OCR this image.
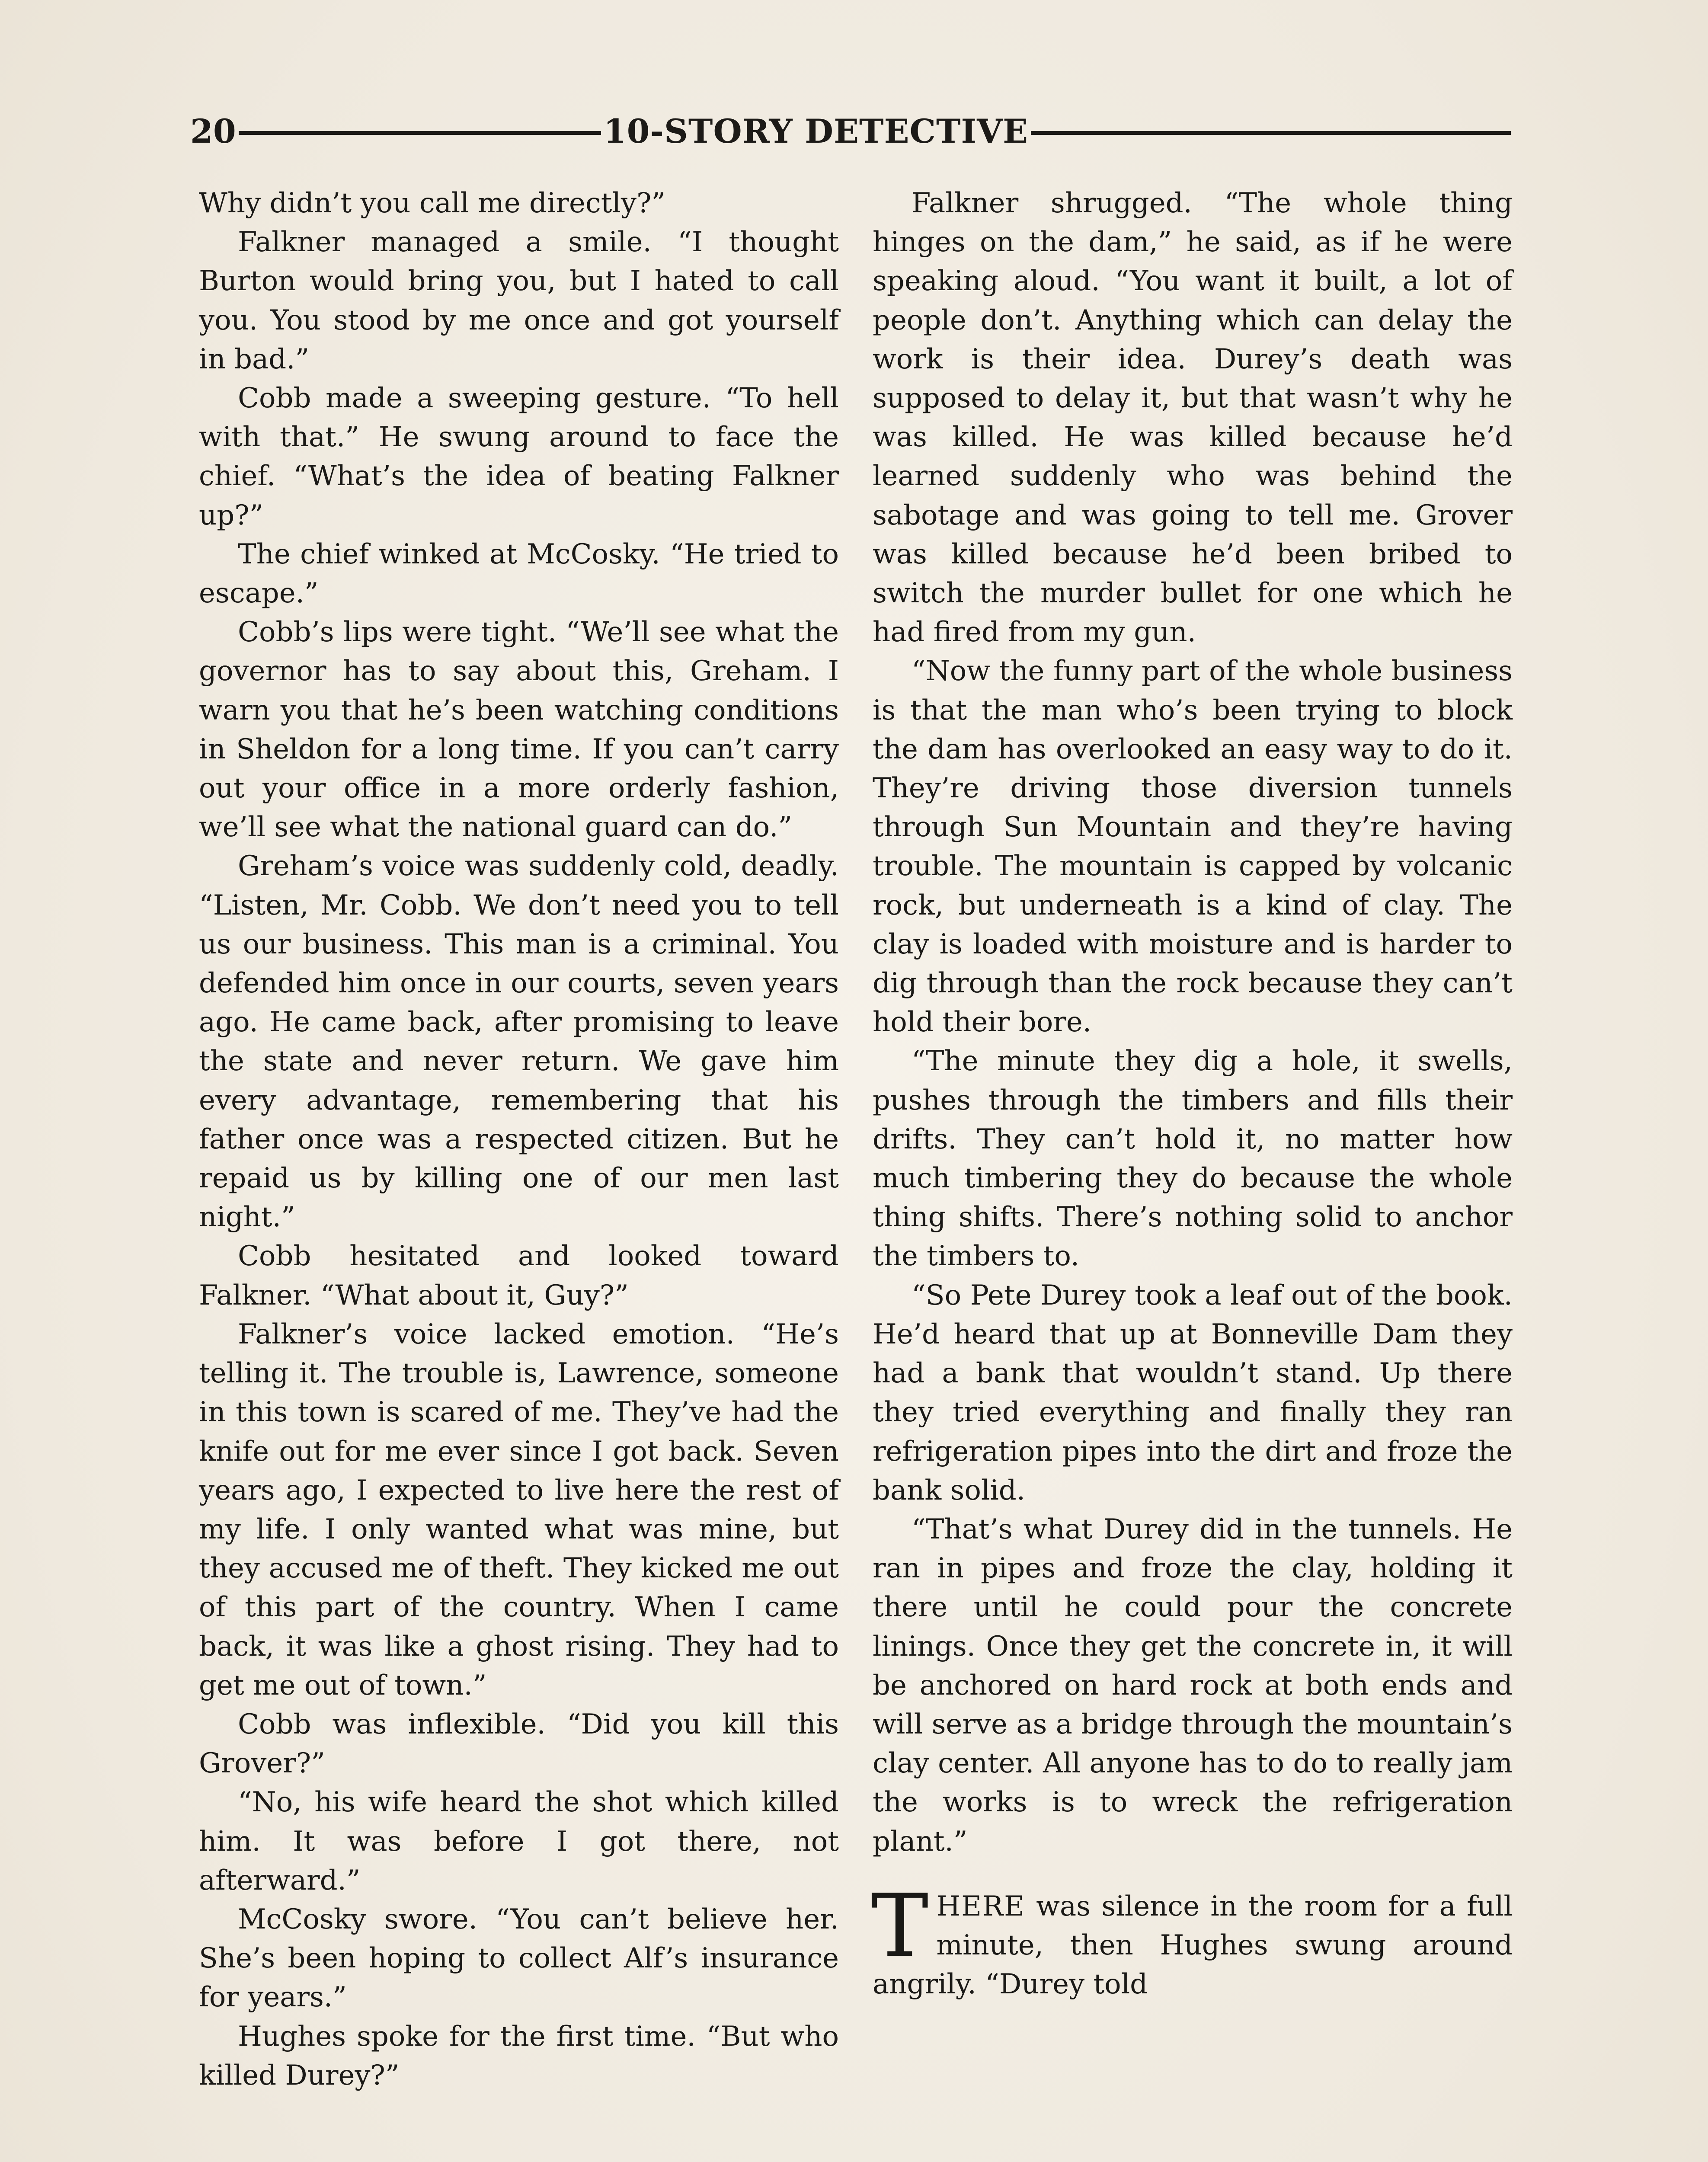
20	10-STORY DETECTIVE

Why didn’t you call me directly?”

Falkner managed a smile. “I thought Burton would bring you, but I hated to call you. You stood by me once and got yourself in bad.”

Cobb made a sweeping gesture. “To hell with that.” He swung around to face the chief. “What’s the idea of beating Falkner up?”

The chief winked at McCosky. “He tried to escape.”

Cobb’s lips were tight. “We’ll see what the governor has to say about this, Greham. I warn you that he’s been watching conditions in Sheldon for a long time. If you can’t carry out your office in a more orderly fashion, we’ll see what the national guard can do.”

Greham’s voice was suddenly cold, deadly. “Listen, Mr. Cobb. We don’t need you to tell us our business. This man is a criminal. You defended him once in our courts, seven years ago. He came back, after promising to leave the state and never return. We gave him every advantage, remembering that his father once was a respected citizen. But he repaid us by killing one of our men last night.”

Cobb hesitated and looked toward Falkner. “What about it, Guy?”

Falkner’s voice lacked emotion. “He’s telling it. The trouble is, Lawrence, someone in this town is scared of me. They’ve had the knife out for me ever since I got back. Seven years ago, I expected to live here the rest of my life. I only wanted what was mine, but they accused me of theft. They kicked me out of this part of the country. When I came back, it was like a ghost rising. They had to get me out of town.”

Cobb was inflexible. “Did you kill this Grover?”

“No, his wife heard the shot which killed him. It was before I got there, not afterward.”

McCosky swore. “You can’t believe her. She’s been hoping to collect Alf’s insurance for years.”

Hughes spoke for the first time. “But who killed Durey?”

Falkner shrugged. “The whole thing hinges on the dam,” he said, as if he were speaking aloud. “You want it built, a lot of people don’t. Anything which can delay the work is their idea. Durey’s death was supposed to delay it, but that wasn’t why he was killed. He was killed because he’d learned suddenly who was behind the sabotage and was going to tell me. Grover was killed because he’d been bribed to switch the murder bullet for one which he had fired from my gun.

“Now the funny part of the whole business is that the man who’s been trying to block the dam has overlooked an easy way to do it. They’re driving those diversion tunnels through Sun Mountain and they’re having trouble. The mountain is capped by volcanic rock, but underneath is a kind of clay. The clay is loaded with moisture and is harder to dig through than the rock because they can’t hold their bore.

“The minute they dig a hole, it swells, pushes through the timbers and fills their drifts. They can’t hold it, no matter how much timbering they do because the whole thing shifts. There’s nothing solid to anchor the timbers to.

“So Pete Durey took a leaf out of the book. He’d heard that up at Bonneville Dam they had a bank that wouldn’t stand. Up there they tried everything and finally they ran refrigeration pipes into the dirt and froze the bank solid.

“That’s what Durey did in the tunnels. He ran in pipes and froze the clay, holding it there until he could pour the concrete linings. Once they get the concrete in, it will be anchored on hard rock at both ends and will serve as a bridge through the mountain’s clay center. All anyone has to do to really jam the works is to wreck the refrigeration plant.”

THERE was silence in the room for a full minute, then Hughes swung around angrily. “Durey told
